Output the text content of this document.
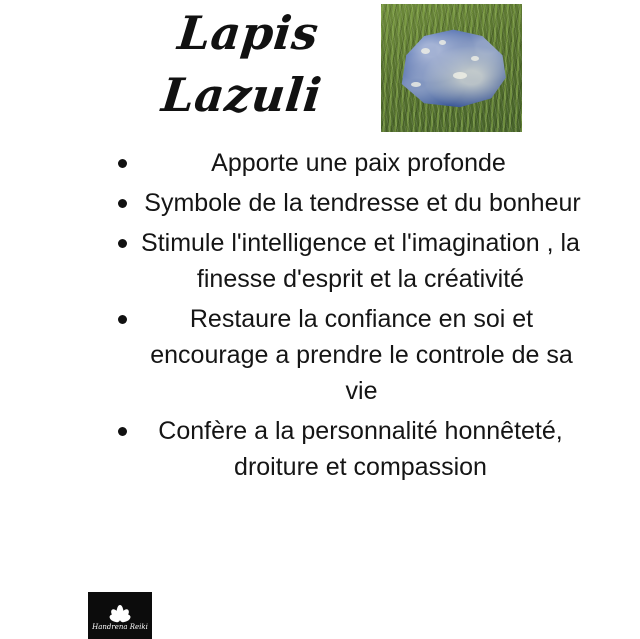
Lapis
Lazuli
Apporte une paix profonde
Symbole de la tendresse et du bonheur
Stimule l'intelligence et l'imagination , la finesse d'esprit et la créativité
Restaure la confiance en soi et encourage a prendre le controle de sa vie
Confère a la personnalité honnêteté, droiture et compassion
Handrena Reiki
